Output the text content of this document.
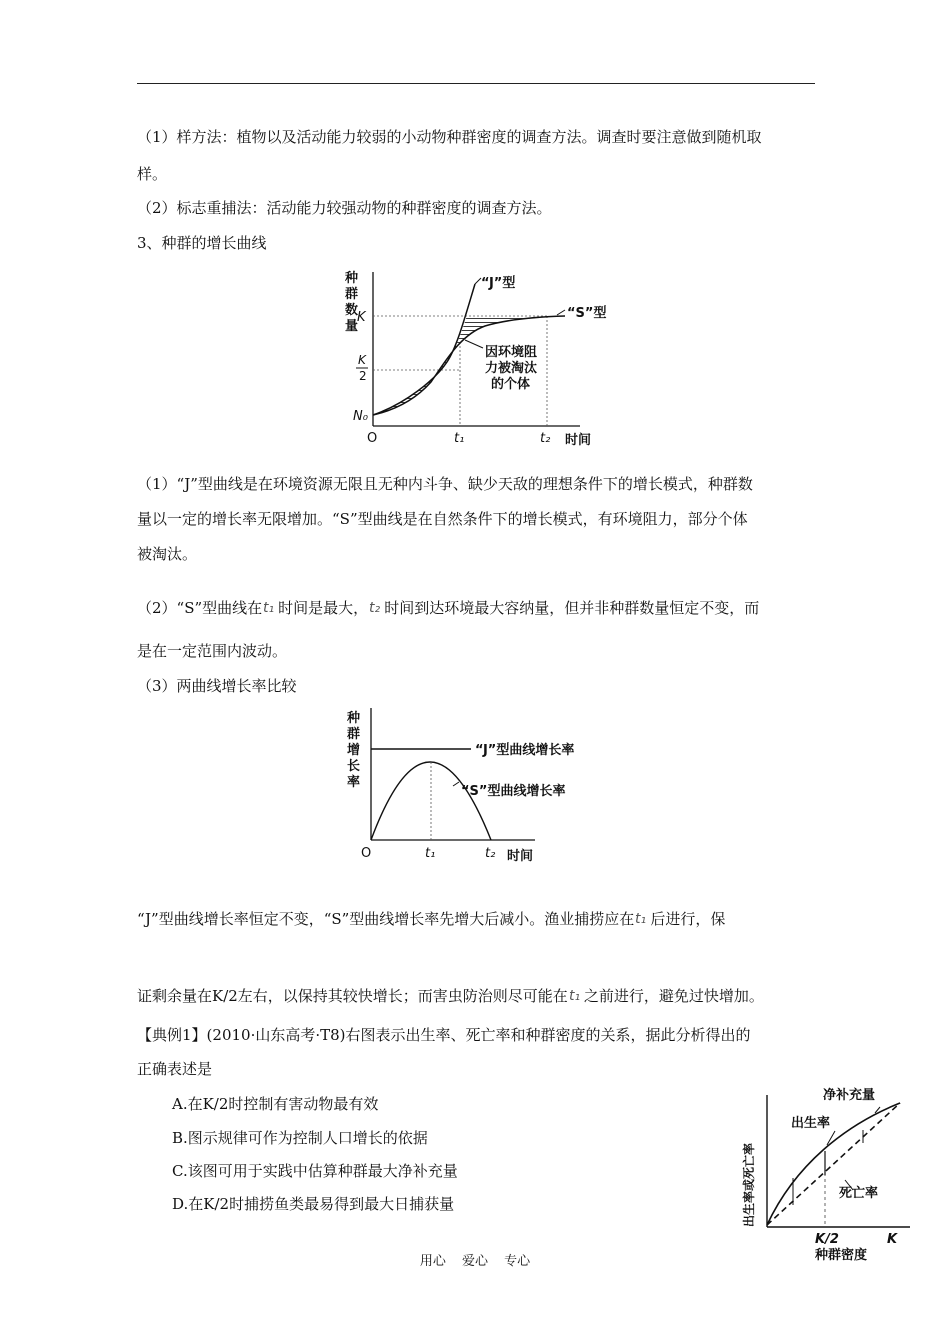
（1）样方法：植物以及活动能力较弱的小动物种群密度的调查方法。调查时要注意做到随机取
样。
（2）标志重捕法：活动能力较强动物的种群密度的调查方法。
3、种群的增长曲线
种
群
数
量
“J”型
“S”型
因环境阻
力被淘汰
的个体
K
K
2
N₀
O	t₁	t₂ 时间
（1）“J”型曲线是在环境资源无限且无种内斗争、缺少天敌的理想条件下的增长模式，种群数
量以一定的增长率无限增加。“S”型曲线是在自然条件下的增长模式，有环境阻力，部分个体
被淘汰。
（2）“S”型曲线在 t₁ 时间是最大， t₂ 时间到达环境最大容纳量，但并非种群数量恒定不变，而
是在一定范围内波动。
（3）两曲线增长率比较
种
群
增
长
率
“J”型曲线增长率
“S”型曲线增长率
O	t₁	t₂ 时间
“J”型曲线增长率恒定不变，“S”型曲线增长率先增大后减小。渔业捕捞应在 t₁ 后进行，保
证剩余量在K/2左右，以保持其较快增长；而害虫防治则尽可能在 t₁ 之前进行，避免过快增加。
【典例1】(2010·山东高考·T8)右图表示出生率、死亡率和种群密度的关系，据此分析得出的
正确表述是
A.在K/2时控制有害动物最有效
B.图示规律可作为控制人口增长的依据
C.该图可用于实践中估算种群最大净补充量
D.在K/2时捕捞鱼类最易得到最大日捕获量	出生率或死亡率
净补充量
出生率
死亡率
K/2	K
种群密度
用心 爱心 专心
